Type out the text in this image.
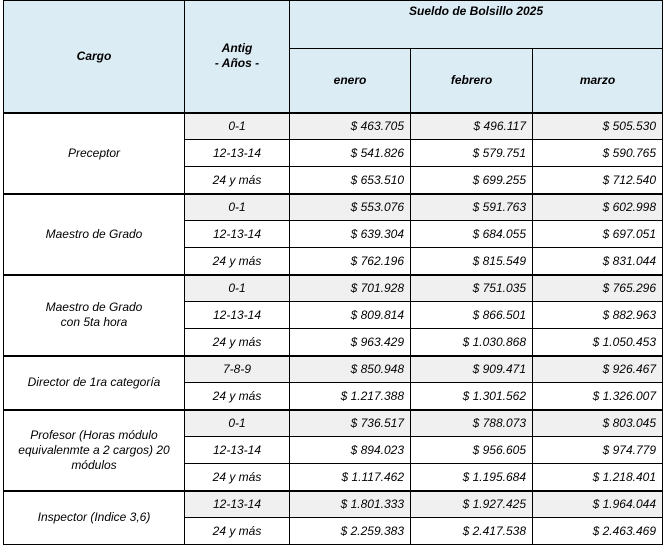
Cargo	Antig
- Años -	Sueldo de Bolsillo 2025		
		enero	febrero	marzo

Preceptor	0-1	$ 463.705	$ 496.117	$ 505.530
	12-13-14	$ 541.826	$ 579.751	$ 590.765
	24 y más	$ 653.510	$ 699.255	$ 712.540

Maestro de Grado	0-1	$ 553.076	$ 591.763	$ 602.998
	12-13-14	$ 639.304	$ 684.055	$ 697.051
	24 y más	$ 762.196	$ 815.549	$ 831.044

Maestro de Grado
con 5ta hora	0-1	$ 701.928	$ 751.035	$ 765.296
	12-13-14	$ 809.814	$ 866.501	$ 882.963
	24 y más	$ 963.429	$ 1.030.868	$ 1.050.453

Director de 1ra categoría	7-8-9	$ 850.948	$ 909.471	$ 926.467
	24 y más	$ 1.217.388	$ 1.301.562	$ 1.326.007

Profesor (Horas módulo
equivalenmte a 2 cargos) 20
módulos	0-1	$ 736.517	$ 788.073	$ 803.045
	12-13-14	$ 894.023	$ 956.605	$ 974.779
	24 y más	$ 1.117.462	$ 1.195.684	$ 1.218.401

Inspector (Indice 3,6)	12-13-14	$ 1.801.333	$ 1.927.425	$ 1.964.044
	24 y más	$ 2.259.383	$ 2.417.538	$ 2.463.469
